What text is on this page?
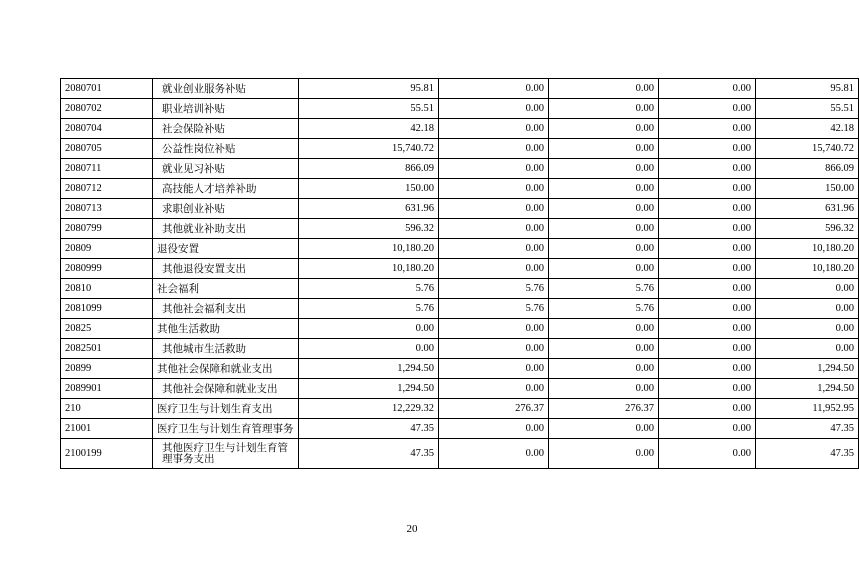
2080701	就业创业服务补贴	95.81	0.00	0.00	0.00	95.81
2080702	职业培训补贴	55.51	0.00	0.00	0.00	55.51
2080704	社会保险补贴	42.18	0.00	0.00	0.00	42.18
2080705	公益性岗位补贴	15,740.72	0.00	0.00	0.00	15,740.72
2080711	就业见习补贴	866.09	0.00	0.00	0.00	866.09
2080712	高技能人才培养补助	150.00	0.00	0.00	0.00	150.00
2080713	求职创业补贴	631.96	0.00	0.00	0.00	631.96
2080799	其他就业补助支出	596.32	0.00	0.00	0.00	596.32
20809	退役安置	10,180.20	0.00	0.00	0.00	10,180.20
2080999	其他退役安置支出	10,180.20	0.00	0.00	0.00	10,180.20
20810	社会福利	5.76	5.76	5.76	0.00	0.00
2081099	其他社会福利支出	5.76	5.76	5.76	0.00	0.00
20825	其他生活救助	0.00	0.00	0.00	0.00	0.00
2082501	其他城市生活救助	0.00	0.00	0.00	0.00	0.00
20899	其他社会保障和就业支出	1,294.50	0.00	0.00	0.00	1,294.50
2089901	其他社会保障和就业支出	1,294.50	0.00	0.00	0.00	1,294.50
210	医疗卫生与计划生育支出	12,229.32	276.37	276.37	0.00	11,952.95
21001	医疗卫生与计划生育管理事务	47.35	0.00	0.00	0.00	47.35
2100199	其他医疗卫生与计划生育管理事务支出	47.35	0.00	0.00	0.00	47.35
20
